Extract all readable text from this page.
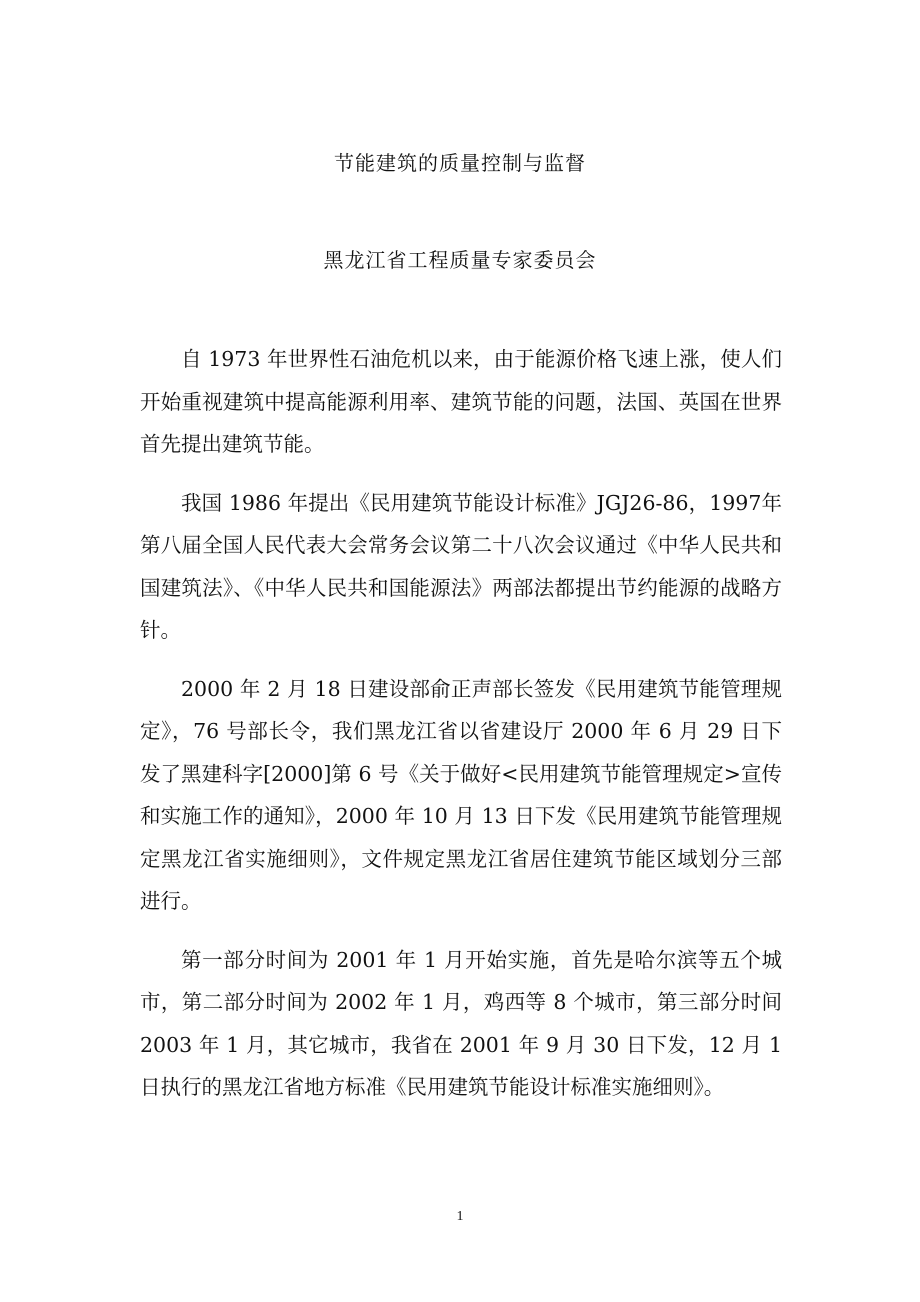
节能建筑的质量控制与监督
黑龙江省工程质量专家委员会

自 1973 年世界性石油危机以来，由于能源价格飞速上涨，使人们开始重视建筑中提高能源利用率、建筑节能的问题，法国、英国在世界首先提出建筑节能。

我国 1986 年提出《民用建筑节能设计标准》JGJ26-86，1997年第八届全国人民代表大会常务会议第二十八次会议通过《中华人民共和国建筑法》、《中华人民共和国能源法》两部法都提出节约能源的战略方针。

2000 年 2 月 18 日建设部俞正声部长签发《民用建筑节能管理规定》，76 号部长令，我们黑龙江省以省建设厅 2000 年 6 月 29 日下发了黑建科字[2000]第 6 号《关于做好<民用建筑节能管理规定>宣传和实施工作的通知》，2000 年 10 月 13 日下发《民用建筑节能管理规定黑龙江省实施细则》，文件规定黑龙江省居住建筑节能区域划分三部进行。

第一部分时间为 2001 年 1 月开始实施，首先是哈尔滨等五个城市，第二部分时间为 2002 年 1 月，鸡西等 8 个城市，第三部分时间 2003 年 1 月，其它城市，我省在 2001 年 9 月 30 日下发，12 月 1 日执行的黑龙江省地方标准《民用建筑节能设计标准实施细则》。

1
